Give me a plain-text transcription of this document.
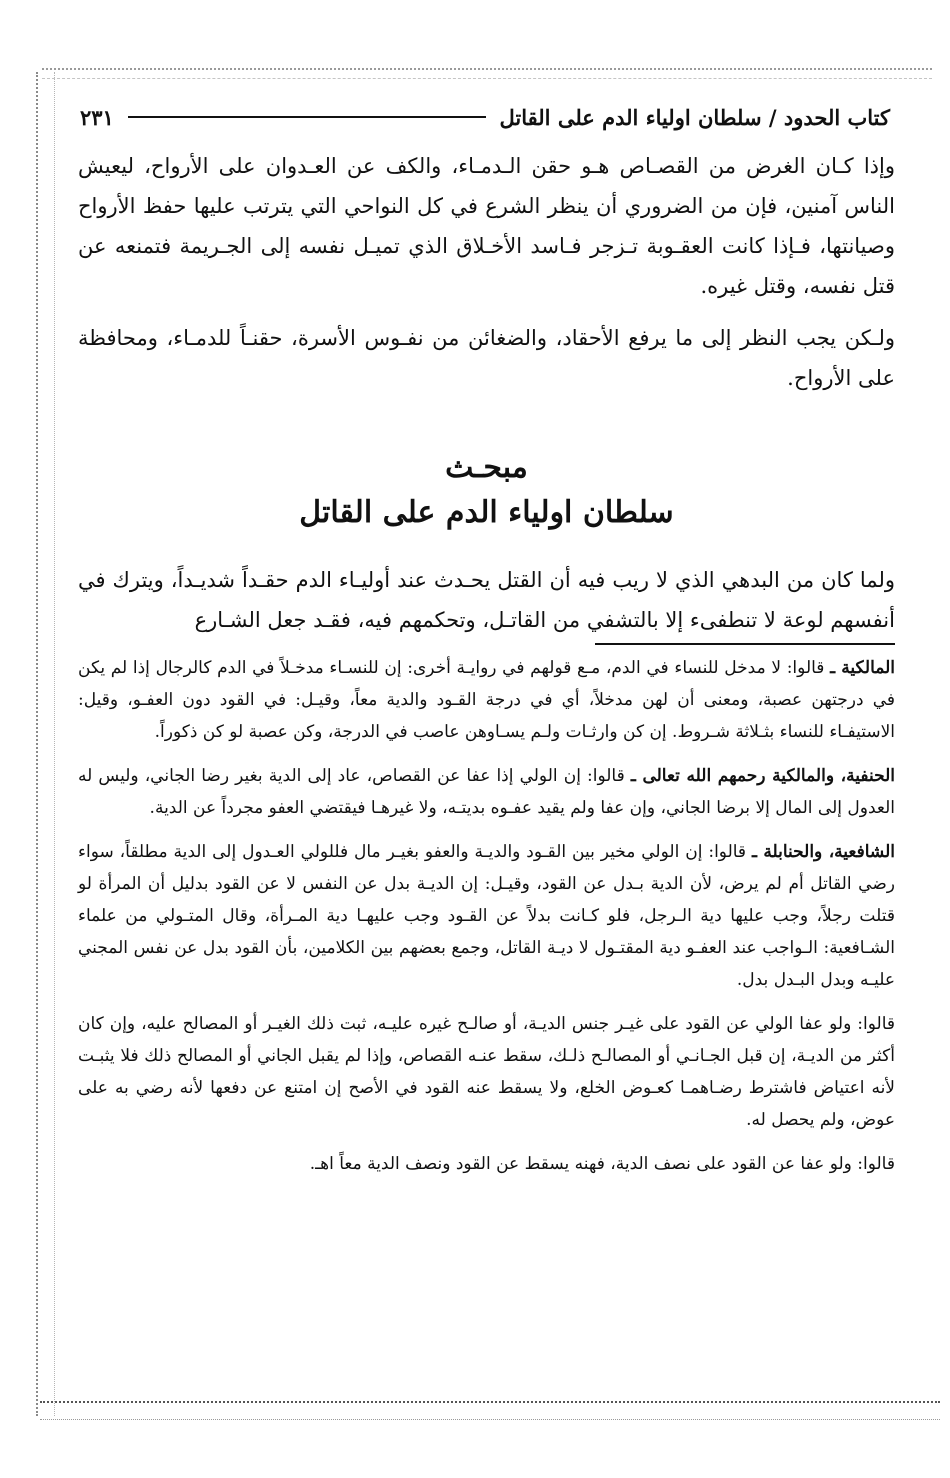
كتاب الحدود / سلطان اولياء الدم على القاتل
٢٣١

وإذا كـان الغرض من القصـاص هـو حقن الـدمـاء، والكف عن العـدوان على الأرواح، ليعيش الناس آمنين، فإن من الضروري أن ينظر الشرع في كل النواحي التي يترتب عليها حفظ الأرواح وصيانتها، فـإذا كانت العقـوبة تـزجر فـاسد الأخـلاق الذي تميـل نفسه إلى الجـريمة فتمنعه عن قتل نفسه، وقتل غيره.

ولـكن يجب النظر إلى ما يرفع الأحقاد، والضغائن من نفـوس الأسرة، حقنـاً للدمـاء، ومحافظة على الأرواح.

مبحـث
سلطان اولياء الدم على القاتل

ولما كان من البدهي الذي لا ريب فيه أن القتل يحـدث عند أوليـاء الدم حقـداً شديـداً، ويترك في أنفسهم لوعة لا تنطفىء إلا بالتشفي من القاتـل، وتحكمهم فيه، فقـد جعل الشـارع

المالكية ـ قالوا: لا مدخل للنساء في الدم، مـع قولهم في روايـة أخرى: إن للنسـاء مدخـلاً في الدم كالرجال إذا لم يكن في درجتهن عصبة، ومعنى أن لهن مدخلاً، أي في درجة القـود والدية معاً، وقيـل: في القود دون العفـو، وقيل: الاستيفـاء للنساء بثـلاثة شـروط. إن كن وارثـات ولـم يسـاوهن عاصب في الدرجة، وكن عصبة لو كن ذكوراً.

الحنفية، والمالكية رحمهم الله تعالى ـ قالوا: إن الولي إذا عفا عن القصاص، عاد إلى الدية بغير رضا الجاني، وليس له العدول إلى المال إلا برضا الجاني، وإن عفا ولم يقيد عفـوه بديتـه، ولا غيرهـا فيقتضي العفو مجرداً عن الدية.

الشافعية، والحنابلة ـ قالوا: إن الولي مخير بين القـود والديـة والعفو بغيـر مال فللولي العـدول إلى الدية مطلقاً، سواء رضي القاتل أم لم يرض، لأن الدية بـدل عن القود، وقيـل: إن الديـة بدل عن النفس لا عن القود بدليل أن المرأة لو قتلت رجلاً، وجب عليها دية الـرجل، فلو كـانت بدلاً عن القـود وجب عليهـا دية المـرأة، وقال المتـولي من علماء الشـافعية: الـواجب عند العفـو دية المقتـول لا ديـة القاتل، وجمع بعضهم بين الكلامين، بأن القود بدل عن نفس المجني عليـه وبدل البـدل بدل.

قالوا: ولو عفا الولي عن القود على غيـر جنس الديـة، أو صالـح غيره عليـه، ثبت ذلك الغيـر أو المصالح عليه، وإن كان أكثر من الديـة، إن قبل الجـانـي أو المصالـح ذلـك، سقط عنـه القصاص، وإذا لم يقبل الجاني أو المصالح ذلك فلا يثبـت لأنه اعتياض فاشترط رضـاهمـا كعـوض الخلع، ولا يسقط عنه القود في الأصح إن امتنع عن دفعها لأنه رضي به على عوض، ولم يحصل له.

قالوا: ولو عفا عن القود على نصف الدية، فهنه يسقط عن القود ونصف الدية معاً اهـ.
